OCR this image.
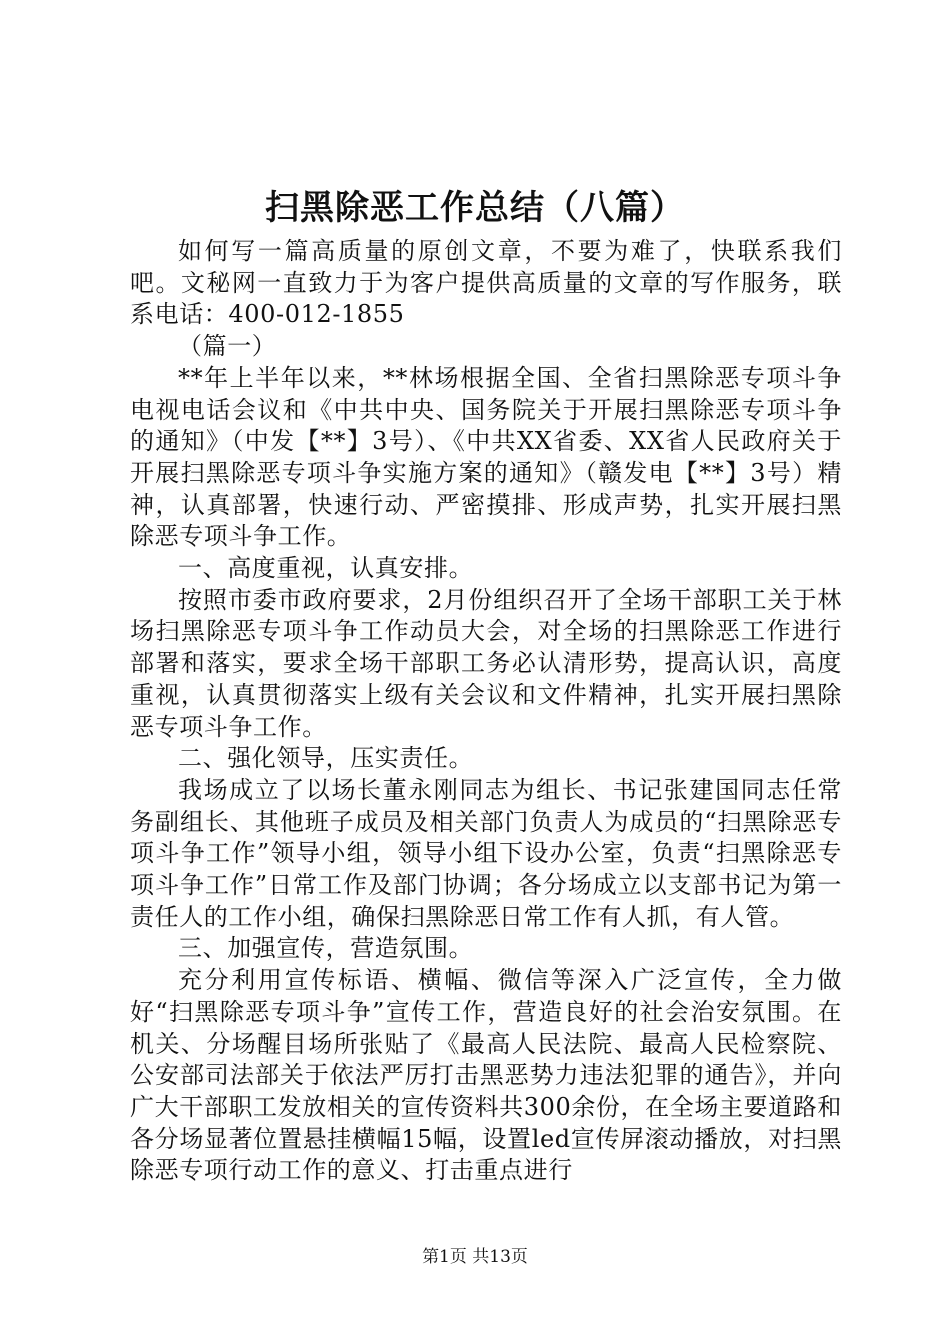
扫黑除恶工作总结（八篇）

如何写一篇高质量的原创文章，不要为难了，快联系我们吧。文秘网一直致力于为客户提供高质量的文章的写作服务，联系电话：400-012-1855

（篇一）

**年上半年以来，**林场根据全国、全省扫黑除恶专项斗争电视电话会议和《中共中央、国务院关于开展扫黑除恶专项斗争的通知》（中发【**】3号）、《中共XX省委、XX省人民政府关于开展扫黑除恶专项斗争实施方案的通知》（赣发电【**】3号）精神，认真部署，快速行动、严密摸排、形成声势，扎实开展扫黑除恶专项斗争工作。

一、高度重视，认真安排。

按照市委市政府要求，2月份组织召开了全场干部职工关于林场扫黑除恶专项斗争工作动员大会，对全场的扫黑除恶工作进行部署和落实，要求全场干部职工务必认清形势，提高认识，高度重视，认真贯彻落实上级有关会议和文件精神，扎实开展扫黑除恶专项斗争工作。

二、强化领导，压实责任。

我场成立了以场长董永刚同志为组长、书记张建国同志任常务副组长、其他班子成员及相关部门负责人为成员的“扫黑除恶专项斗争工作”领导小组，领导小组下设办公室，负责“扫黑除恶专项斗争工作”日常工作及部门协调；各分场成立以支部书记为第一责任人的工作小组，确保扫黑除恶日常工作有人抓，有人管。

三、加强宣传，营造氛围。

充分利用宣传标语、横幅、微信等深入广泛宣传，全力做好“扫黑除恶专项斗争”宣传工作，营造良好的社会治安氛围。在机关、分场醒目场所张贴了《最高人民法院、最高人民检察院、公安部司法部关于依法严厉打击黑恶势力违法犯罪的通告》，并向广大干部职工发放相关的宣传资料共300余份，在全场主要道路和各分场显著位置悬挂横幅15幅，设置led宣传屏滚动播放，对扫黑除恶专项行动工作的意义、打击重点进行

第1页 共13页
